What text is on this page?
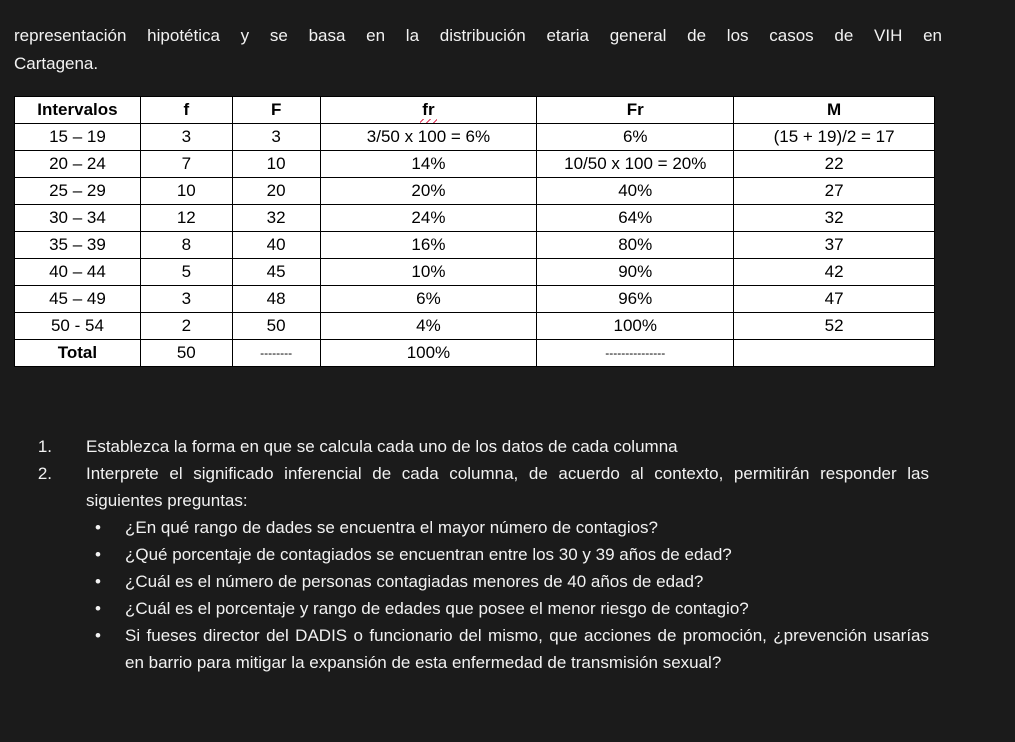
representación hipotética y se basa en la distribución etaria general de los casos de VIH en
Cartagena.

Intervalos	f	F	fr	Fr	M
15 – 19	3	3	3/50 x 100 = 6%	6%	(15 + 19)/2 = 17
20 – 24	7	10	14%	10/50 x 100 = 20%	22
25 – 29	10	20	20%	40%	27
30 – 34	12	32	24%	64%	32
35 – 39	8	40	16%	80%	37
40 – 44	5	45	10%	90%	42
45 – 49	3	48	6%	96%	47
50 - 54	2	50	4%	100%	52
Total	50	--------	100%	---------------	
1.	Establezca la forma en que se calcula cada uno de los datos de cada columna
2.	Interprete el significado inferencial de cada columna, de acuerdo al contexto, permitirán responder las siguientes preguntas:
•	¿En qué rango de dades se encuentra el mayor número de contagios?
•	¿Qué porcentaje de contagiados se encuentran entre los 30 y 39 años de edad?
•	¿Cuál es el número de personas contagiadas menores de 40 años de edad?
•	¿Cuál es el porcentaje y rango de edades que posee el menor riesgo de contagio?
•	Si fueses director del DADIS o funcionario del mismo, que acciones de promoción, ¿prevención usarías en barrio para mitigar la expansión de esta enfermedad de transmisión sexual?
